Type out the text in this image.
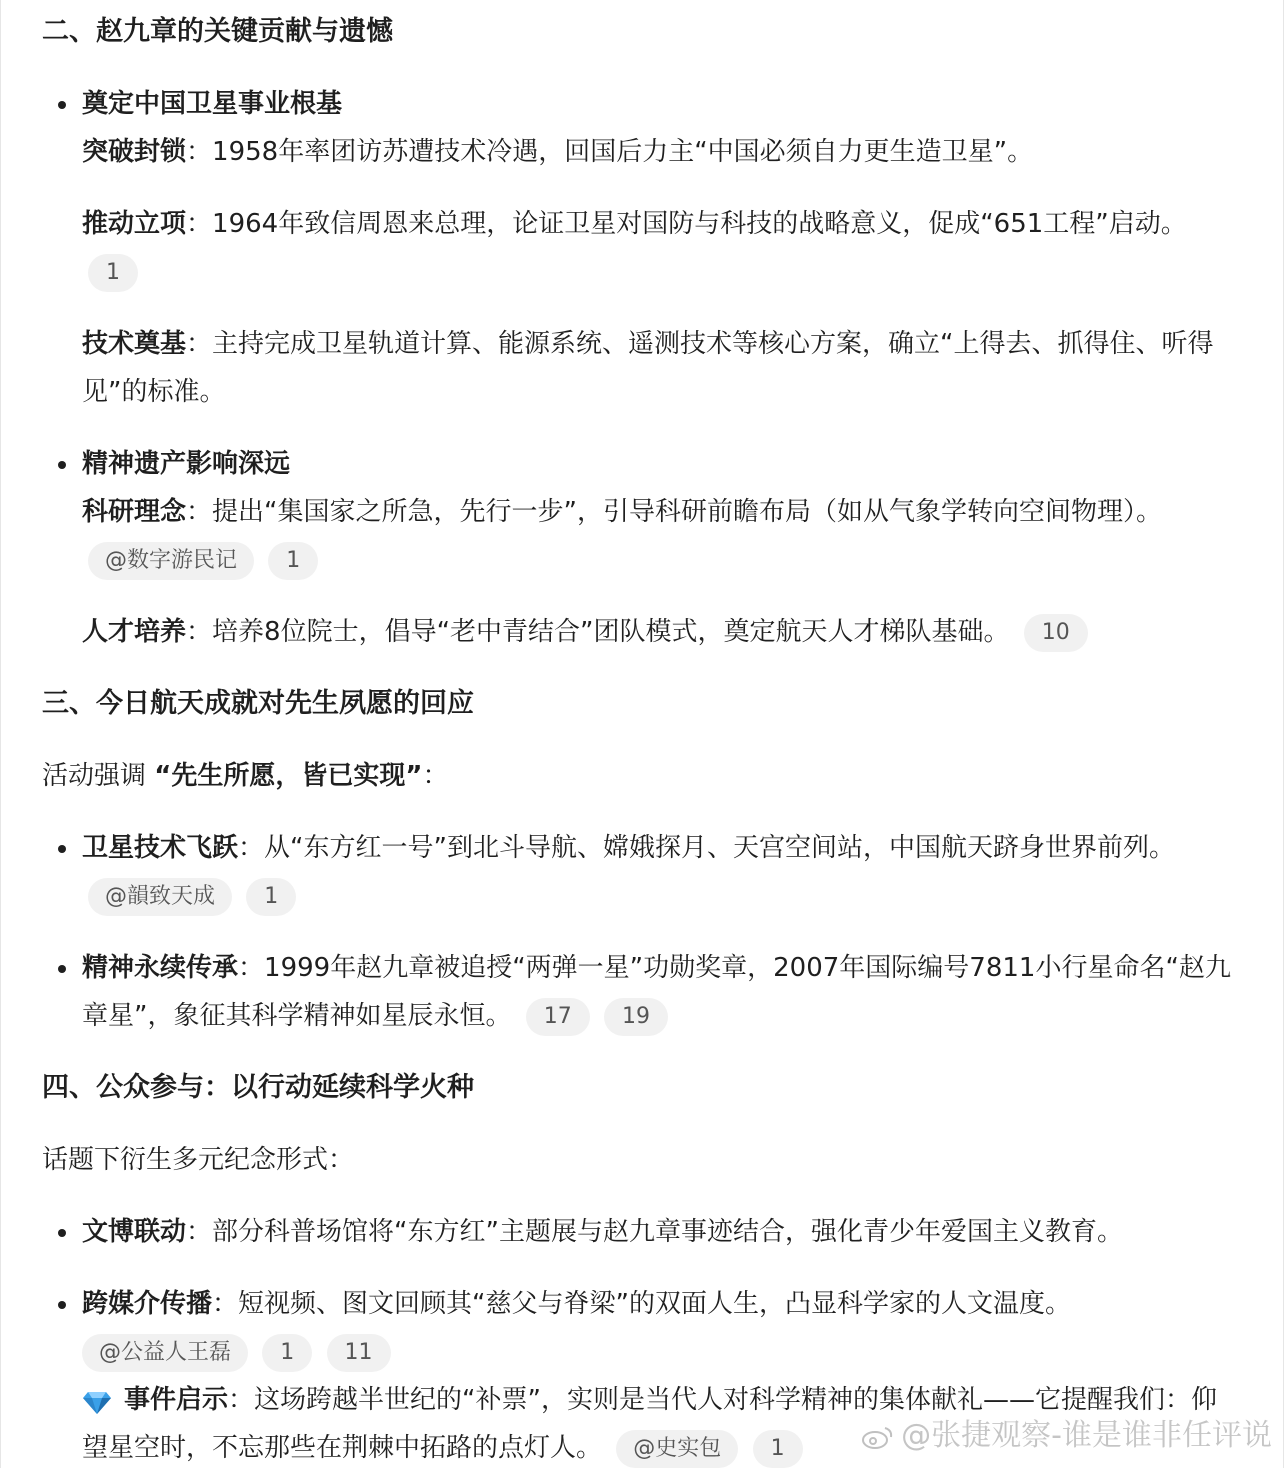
二、赵九章的关键贡献与遗憾
奠定中国卫星事业根基
突破封锁：1958年率团访苏遭技术冷遇，回国后力主“中国必须自力更生造卫星”。
推动立项：1964年致信周恩来总理，论证卫星对国防与科技的战略意义，促成“651工程”启动。 1
技术奠基：主持完成卫星轨道计算、能源系统、遥测技术等核心方案，确立“上得去、抓得住、听得见”的标准。
精神遗产影响深远
科研理念：提出“集国家之所急，先行一步”，引导科研前瞻布局（如从气象学转向空间物理）。 @数字游民记 1
人才培养：培养8位院士，倡导“老中青结合”团队模式，奠定航天人才梯队基础。 10
三、今日航天成就对先生夙愿的回应
活动强调 “先生所愿，皆已实现”：
卫星技术飞跃：从“东方红一号”到北斗导航、嫦娥探月、天宫空间站，中国航天跻身世界前列。 @韻致天成 1
精神永续传承：1999年赵九章被追授“两弹一星”功勋奖章，2007年国际编号7811小行星命名“赵九章星”，象征其科学精神如星辰永恒。 17 19
四、公众参与：以行动延续科学火种
话题下衍生多元纪念形式：
文博联动：部分科普场馆将“东方红”主题展与赵九章事迹结合，强化青少年爱国主义教育。
跨媒介传播：短视频、图文回顾其“慈父与脊梁”的双面人生，凸显科学家的人文温度。
@公益人王磊 1 11
事件启示：这场跨越半世纪的“补票”，实则是当代人对科学精神的集体献礼——它提醒我们：仰望星空时，不忘那些在荆棘中拓路的点灯人。 @史实包 1	@张捷观察-谁是谁非任评说
